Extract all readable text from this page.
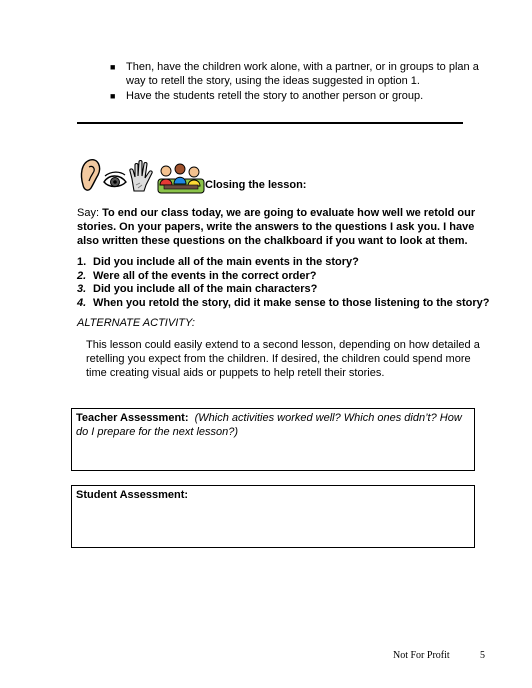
■ Then, have the children work alone, with a partner, or in groups to plan a way to retell the story, using the ideas suggested in option 1.
■ Have the students retell the story to another person or group.
Closing the lesson:
Say: To end our class today, we are going to evaluate how well we retold our stories. On your papers, write the answers to the questions I ask you. I have also written these questions on the chalkboard if you want to look at them.
1. Did you include all of the main events in the story?
2. Were all of the events in the correct order?
3. Did you include all of the main characters?
4. When you retold the story, did it make sense to those listening to the story?
ALTERNATE ACTIVITY:
This lesson could easily extend to a second lesson, depending on how detailed a retelling you expect from the children. If desired, the children could spend more time creating visual aids or puppets to help retell their stories.
Teacher Assessment: (Which activities worked well? Which ones didn’t? How do I prepare for the next lesson?)
Student Assessment:
Not For Profit	5
